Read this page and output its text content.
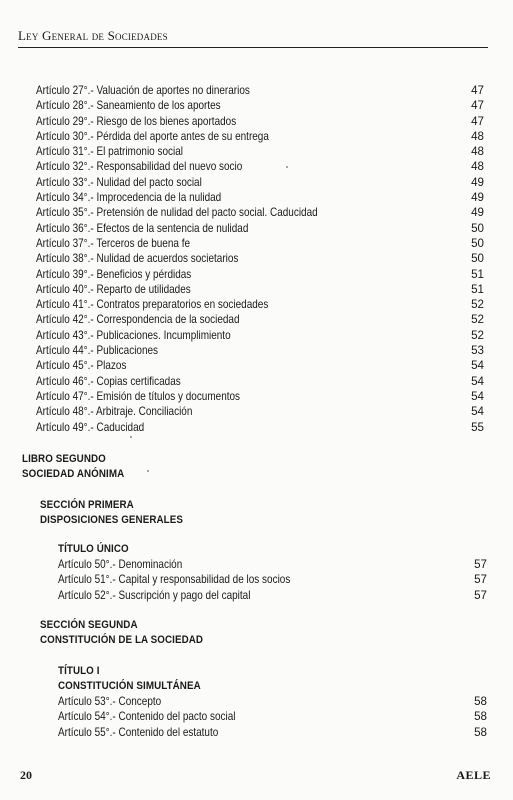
Ley General de Sociedades
Artículo 27°.- Valuación de aportes no dinerarios	47
Artículo 28°.- Saneamiento de los aportes	47
Artículo 29°.- Riesgo de los bienes aportados	47
Artículo 30°.- Pérdida del aporte antes de su entrega	48
Artículo 31°.- El patrimonio social	48
Artículo 32°.- Responsabilidad del nuevo socio	48
Artículo 33°.- Nulidad del pacto social	49
Artículo 34°.- Improcedencia de la nulidad	49
Artículo 35°.- Pretensión de nulidad del pacto social. Caducidad	49
Artículo 36°.- Efectos de la sentencia de nulidad	50
Artículo 37°.- Terceros de buena fe	50
Artículo 38°.- Nulidad de acuerdos societarios	50
Artículo 39°.- Beneficios y pérdidas	51
Artículo 40°.- Reparto de utilidades	51
Artículo 41°.- Contratos preparatorios en sociedades	52
Artículo 42°.- Correspondencia de la sociedad	52
Artículo 43°.- Publicaciones. Incumplimiento	52
Artículo 44°.- Publicaciones	53
Artículo 45°.- Plazos	54
Artículo 46°.- Copias certificadas	54
Artículo 47°.- Emisión de títulos y documentos	54
Artículo 48°.- Arbitraje. Conciliación	54
Artículo 49°.- Caducidad	55
LIBRO SEGUNDO
SOCIEDAD ANÓNIMA
SECCIÓN PRIMERA
DISPOSICIONES GENERALES
TÍTULO ÚNICO
Artículo 50°.- Denominación	57
Artículo 51°.- Capital y responsabilidad de los socios	57
Artículo 52°.- Suscripción y pago del capital	57
SECCIÓN SEGUNDA
CONSTITUCIÓN DE LA SOCIEDAD
TÍTULO I
CONSTITUCIÓN SIMULTÁNEA
Artículo 53°.- Concepto	58
Artículo 54°.- Contenido del pacto social	58
Artículo 55°.- Contenido del estatuto	58
20	AELE
